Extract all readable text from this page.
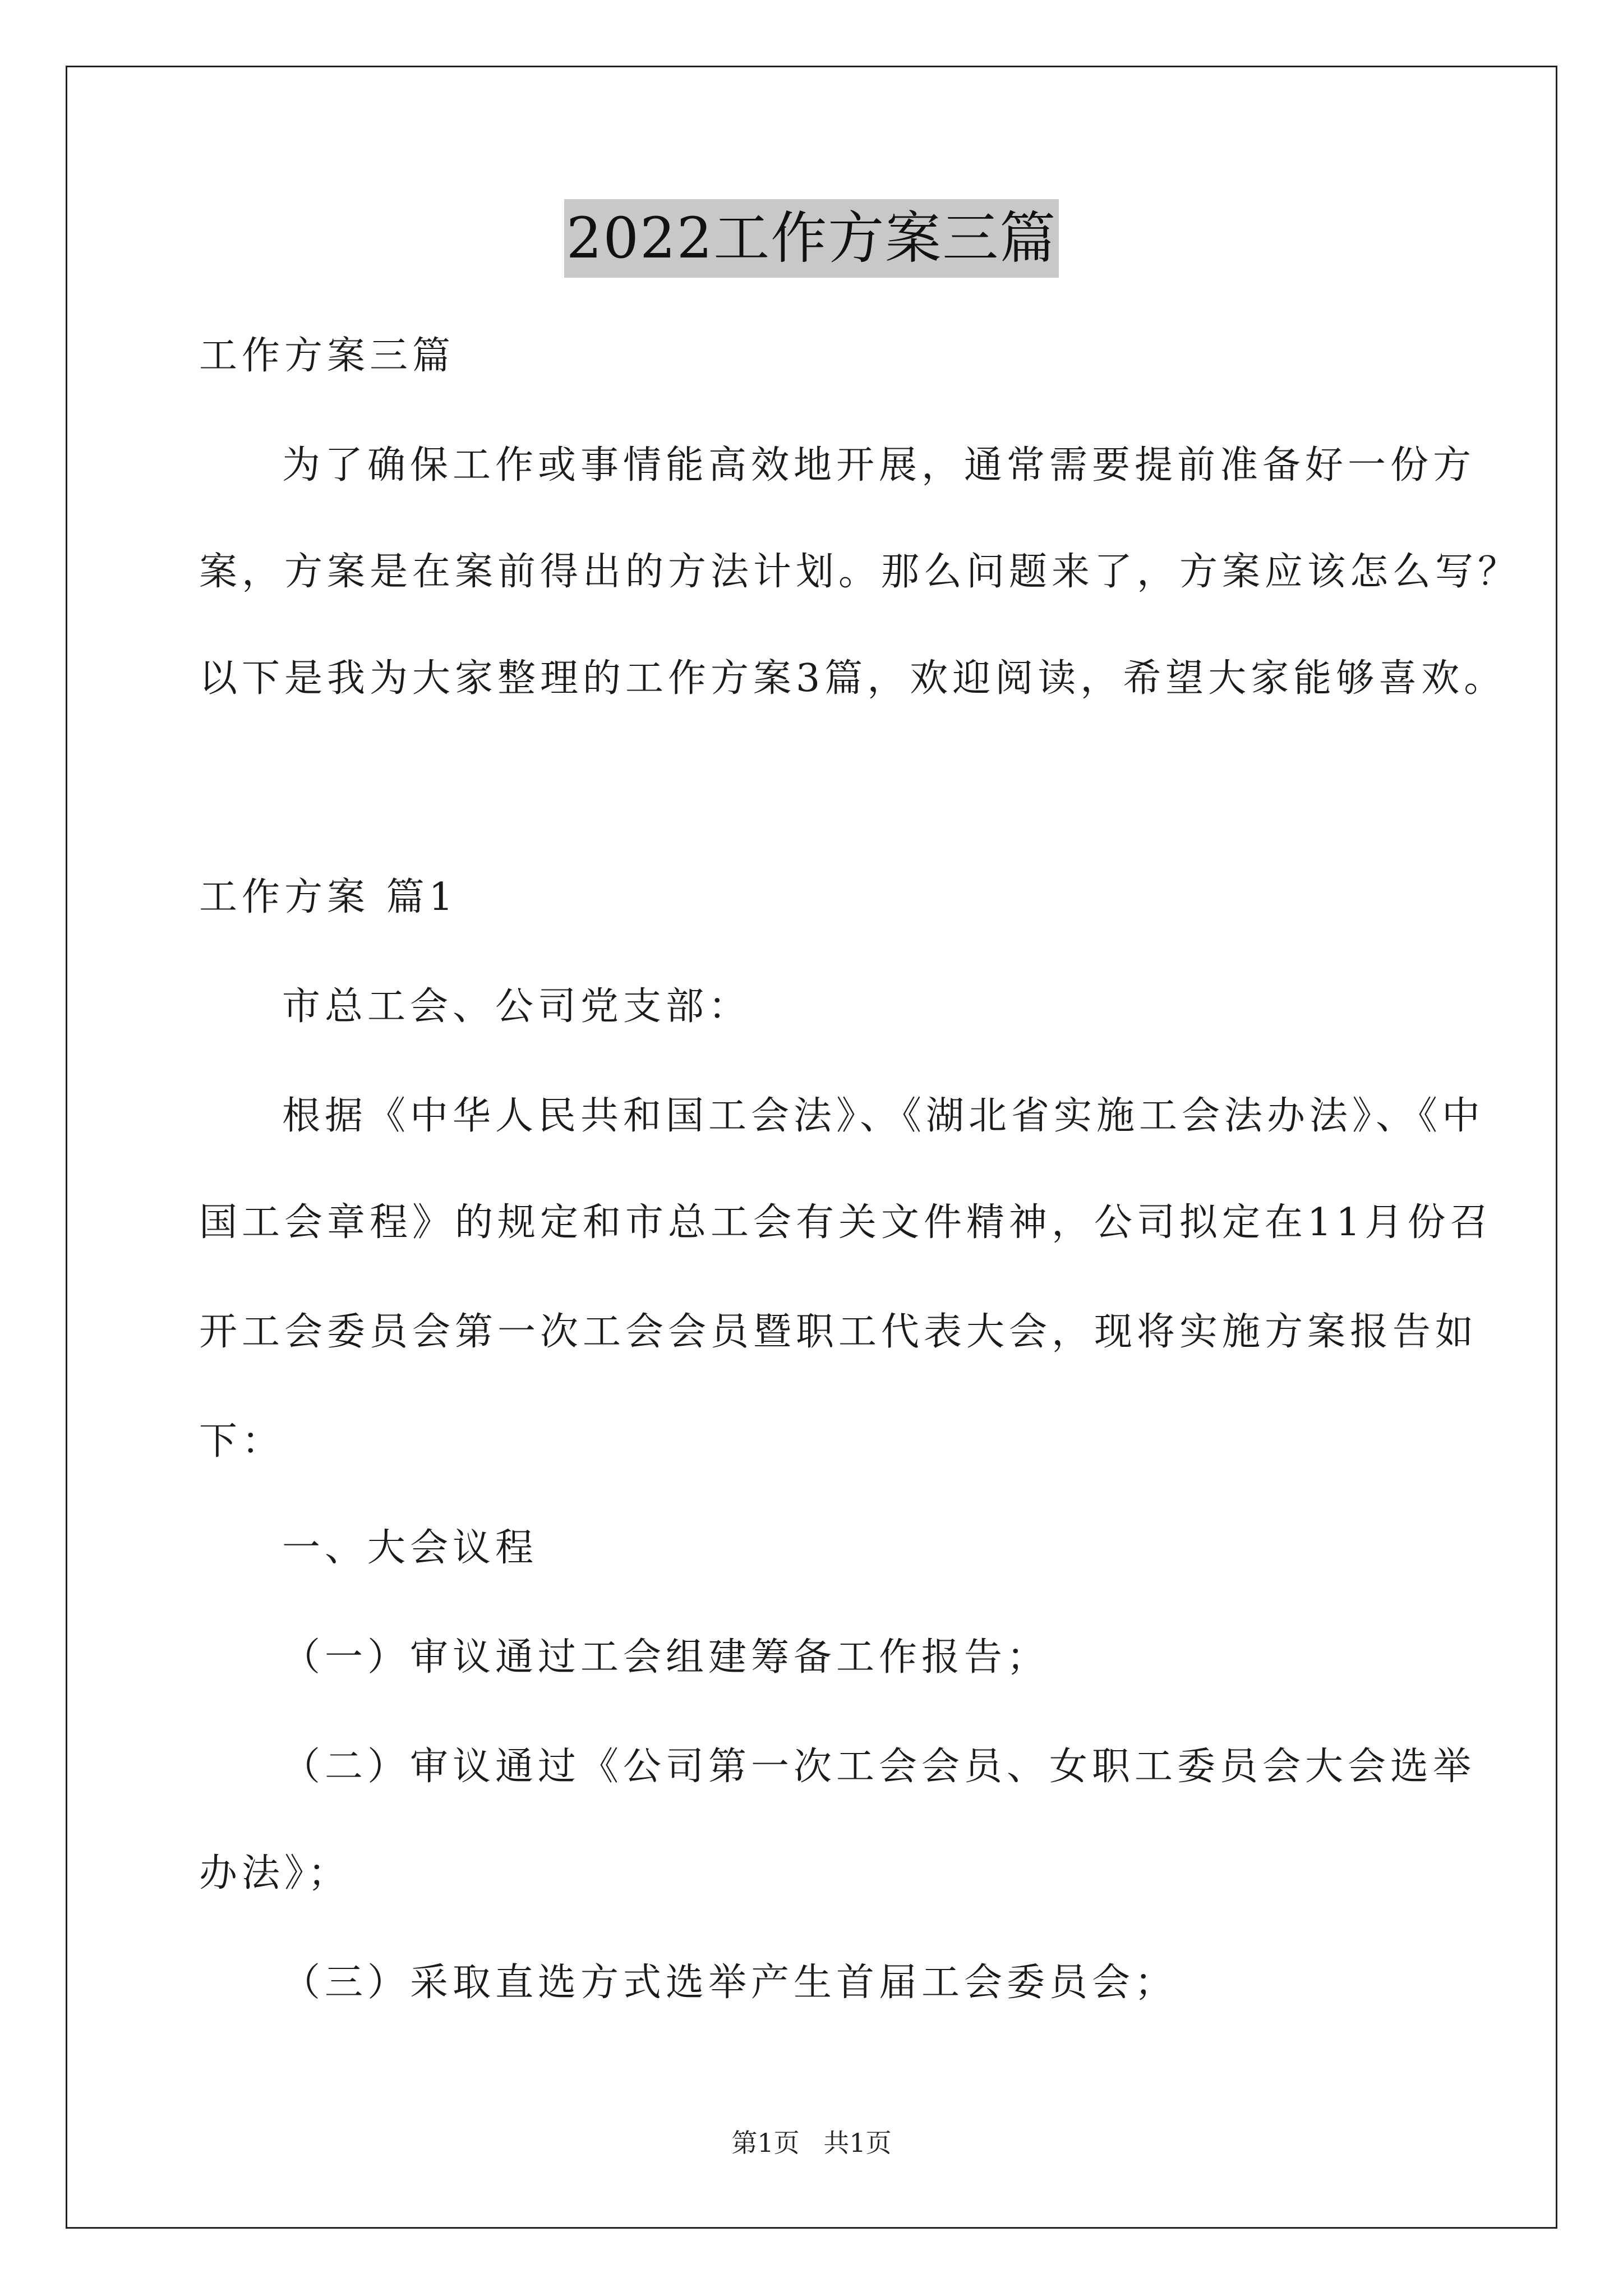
2022工作方案三篇
工作方案三篇
为了确保工作或事情能高效地开展，通常需要提前准备好一份方
案，方案是在案前得出的方法计划。那么问题来了，方案应该怎么写？
以下是我为大家整理的工作方案3篇，欢迎阅读，希望大家能够喜欢。
工作方案 篇1
市总工会、公司党支部：
根据《中华人民共和国工会法》、《湖北省实施工会法办法》、《中
国工会章程》的规定和市总工会有关文件精神，公司拟定在11月份召
开工会委员会第一次工会会员暨职工代表大会，现将实施方案报告如
下：
一、大会议程
（一）审议通过工会组建筹备工作报告；
（二）审议通过《公司第一次工会会员、女职工委员会大会选举
办法》；
（三）采取直选方式选举产生首届工会委员会；
第1页 共1页
